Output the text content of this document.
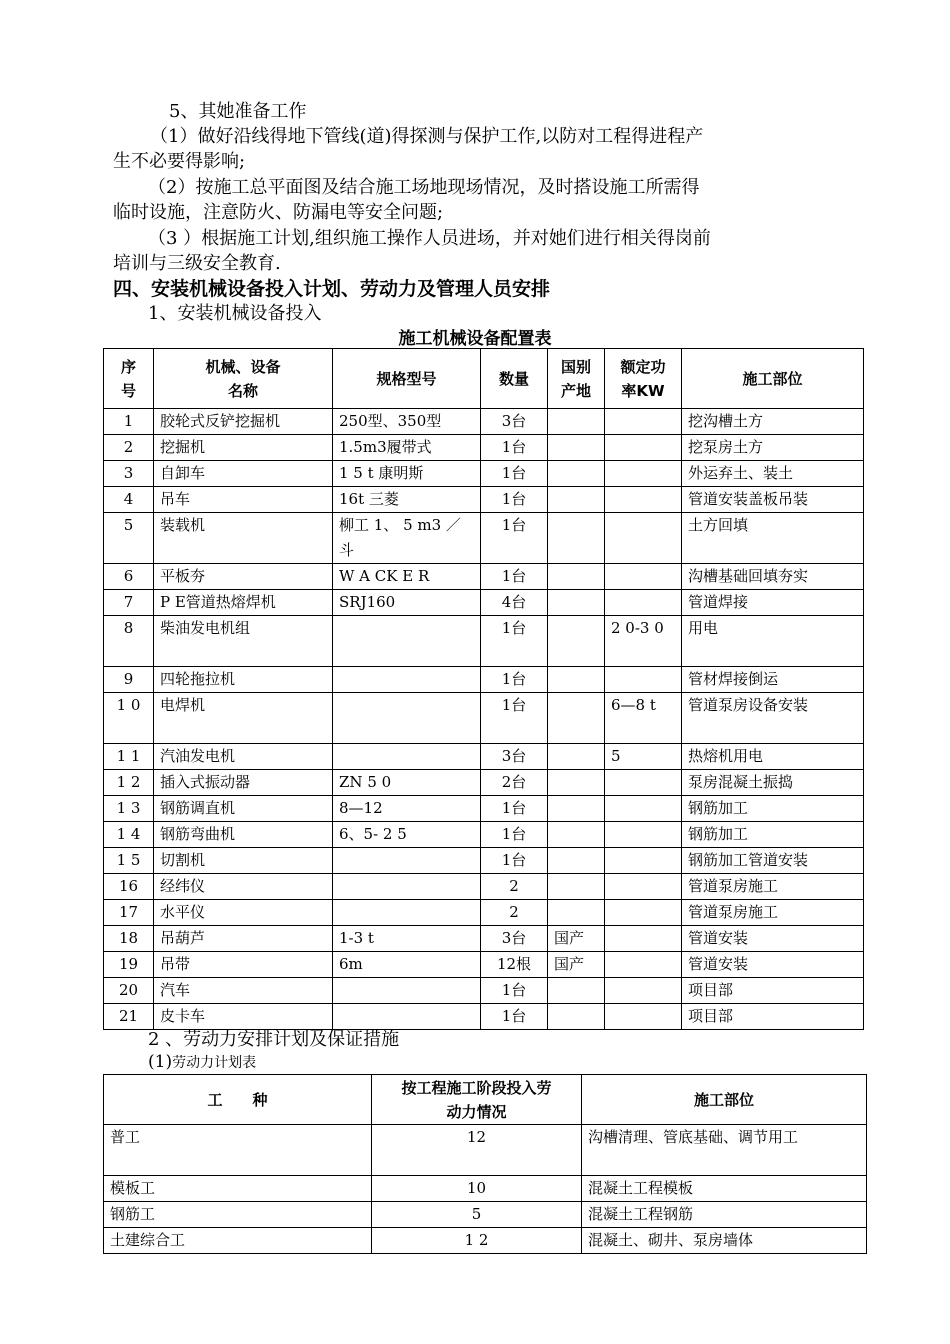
5、其她准备工作
（1）做好沿线得地下管线(道)得探测与保护工作,以防对工程得进程产
生不必要得影响;
（2）按施工总平面图及结合施工场地现场情况，及时搭设施工所需得
临时设施，注意防火、防漏电等安全问题;
（3 ）根据施工计划,组织施工操作人员进场，并对她们进行相关得岗前
培训与三级安全教育.
四、安装机械设备投入计划、劳动力及管理人员安排
1、安装机械设备投入
施工机械设备配置表
序
号	机械、设备
名称	规格型号	数量	国别
产地	额定功
率KW	施工部位
1	胶轮式反铲挖掘机	250型、350型	3台			挖沟槽土方
2	挖掘机	1.5m3履带式	1台			挖泵房土方
3	自卸车	1 5 t 康明斯	1台			外运弃土、装土
4	吊车	16t 三菱	1台			管道安装盖板吊装
5	装载机	柳工 1、 5 m3 ／斗	1台			土方回填
6	平板夯	W A CK E R	1台			沟槽基础回填夯实
7	P E管道热熔焊机	SRJ160	4台			管道焊接
8	柴油发电机组		1台		2 0-3 0	用电
9	四轮拖拉机		1台			管材焊接倒运
1 0	电焊机		1台		6—8 t	管道泵房设备安装
1 1	汽油发电机		3台		5	热熔机用电
1 2	插入式振动器	ZN 5 0	2台			泵房混凝土振捣
1 3	钢筋调直机	8—12	1台			钢筋加工
1 4	钢筋弯曲机	6、5- 2 5	1台			钢筋加工
1 5	切割机		1台			钢筋加工管道安装
16	经纬仪		2			管道泵房施工
17	水平仪		2			管道泵房施工
18	吊葫芦	1-3 t	3台	国产		管道安装
19	吊带	6m	12根	国产		管道安装
20	汽车		1台			项目部
21	皮卡车		1台			项目部
2 、劳动力安排计划及保证措施
(1)劳动力计划表
工　　种	按工程施工阶段投入劳
动力情况	施工部位
普工	12	沟槽清理、管底基础、调节用工
模板工	10	混凝土工程模板
钢筋工	5	混凝土工程钢筋
土建综合工	1 2	混凝土、砌井、泵房墙体
